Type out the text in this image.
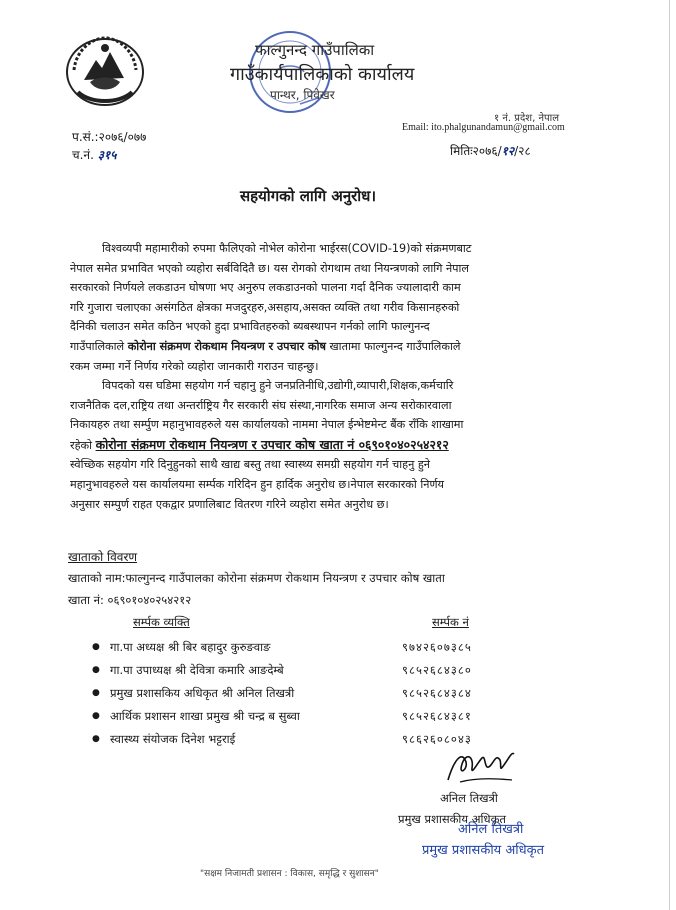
फाल्गुनन्द गाउँपालिका
गाउँकार्यपालिकाको कार्यालय
पान्थर, पिवेखर
१ नं. प्रदेश, नेपाल
Email: ito.phalgunandamun@gmail.com
प.सं.:२०७६/०७७
च.नं. ३१५	मितिः२०७६/१२/२८
सहयोगको लागि अनुरोध।
विश्वव्यपी महामारीको रुपमा फैलिएको नोभेल कोरोना भाईरस(COVID-19)को संक्रमणबाट
नेपाल समेत प्रभावित भएको व्यहोरा सर्बविदितै छ। यस रोगको रोगथाम तथा नियन्त्रणको लागि नेपाल
सरकारको निर्णयले लकडाउन घोषणा भए अनुरुप लकडाउनको पालना गर्दा दैनिक ज्यालादारी काम
गरि गुजारा चलाएका असंगठित क्षेत्रका मजदुरहरु,असहाय,असक्त व्यक्ति तथा गरीव किसानहरुको
दैनिकी चलाउन समेत कठिन भएको हुदा प्रभावितहरुको ब्यबस्थापन गर्नको लागि फाल्गुनन्द
गाउँपालिकाले कोरोना संक्रमण रोकथाम नियन्त्रण र उपचार कोष खातामा फाल्गुनन्द गाउँपालिकाले
रकम जम्मा गर्ने निर्णय गरेको व्यहोरा जानकारी गराउन चाहन्छु।
विपदको यस घडिमा सहयोग गर्न चहानु हुने जनप्रतिनीधि,उद्योगी,व्यापारी,शिक्षक,कर्मचारि
राजनैतिक दल,राष्ट्रिय तथा अन्तर्राष्ट्रिय गैर सरकारी संघ संस्था,नागरिक समाज अन्य सरोकारवाला
निकायहरु तथा सर्म्पुण महानुभावहरुले यस कार्यालयको नाममा नेपाल ईन्भेष्टमेन्ट बैंक राँकि शाखामा
रहेको कोरोना संक्रमण रोकथाम नियन्त्रण र उपचार कोष खाता नं ०६९०१०४०२५४२१२
स्वेच्छिक सहयोग गरि दिनुहुनको साथै खाद्य बस्तु तथा स्वास्थ्य समग्री सहयोग गर्न चाहनु हुने
महानुभावहरुले यस कार्यालयमा सर्म्पक गरिदिन हुन हार्दिक अनुरोध छ।नेपाल सरकारको निर्णय
अनुसार सम्पुर्ण राहत एकद्वार प्रणालिबाट वितरण गरिने व्यहोरा समेत अनुरोध छ।
खाताको विवरण
खाताको नाम:फाल्गुनन्द गाउँपालका कोरोना संक्रमण रोकथाम नियन्त्रण र उपचार कोष खाता
खाता नं: ०६९०१०४०२५४२१२
सर्म्पक व्यक्ति	सर्म्पक नं
● गा.पा अध्यक्ष श्री बिर बहादुर कुरुङवाङ	९७४२६०७३८५
● गा.पा उपाध्यक्ष श्री देवित्रा कमारि आङदेम्बे	९८५२६८४३८०
● प्रमुख प्रशासकिय अधिकृत श्री अनिल तिखत्री	९८५२६८४३८४
● आर्थिक प्रशासन शाखा प्रमुख श्री चन्द्र ब सुब्वा	९८५२६८४३८१
● स्वास्थ्य संयोजक दिनेश भट्टराई	९८६२६०८०४३
अनिल तिखत्री
प्रमुख प्रशासकीय अधिकृत
अनिल तिखत्री
प्रमुख प्रशासकीय अधिकृत
"सक्षम निजामती प्रशासन : विकास, समृद्धि र सुशासन"
